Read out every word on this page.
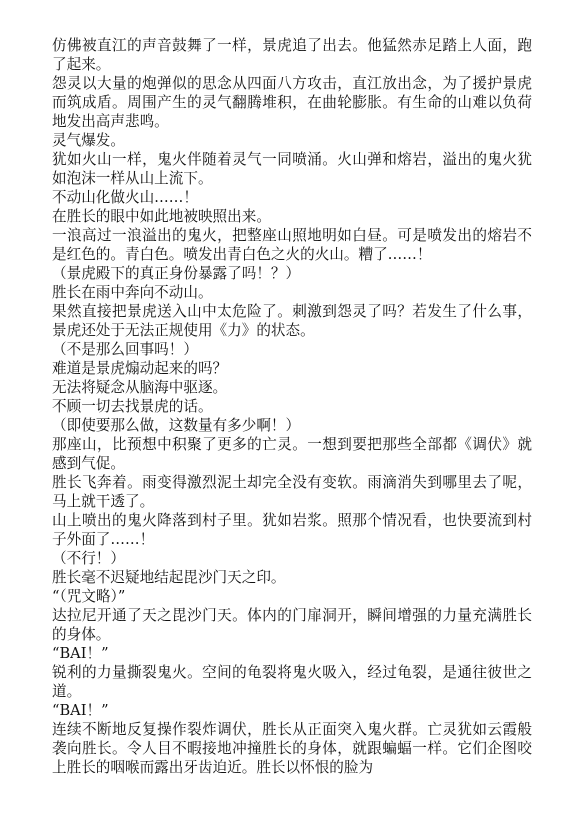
仿佛被直江的声音鼓舞了一样，景虎追了出去。他猛然赤足踏上人面，跑了起来。

怨灵以大量的炮弹似的思念从四面八方攻击，直江放出念，为了援护景虎而筑成盾。周围产生的灵气翻腾堆积，在曲轮膨胀。有生命的山难以负荷地发出高声悲鸣。

灵气爆发。

犹如火山一样，鬼火伴随着灵气一同喷涌。火山弹和熔岩，溢出的鬼火犹如泡沫一样从山上流下。

不动山化做火山……！

在胜长的眼中如此地被映照出来。

一浪高过一浪溢出的鬼火，把整座山照地明如白昼。可是喷发出的熔岩不是红色的。青白色。喷发出青白色之火的火山。糟了……！

（景虎殿下的真正身份暴露了吗！？）

胜长在雨中奔向不动山。

果然直接把景虎送入山中太危险了。刺激到怨灵了吗？若发生了什么事，景虎还处于无法正规使用《力》的状态。

（不是那么回事吗！）

难道是景虎煽动起来的吗？

无法将疑念从脑海中驱逐。

不顾一切去找景虎的话。

（即使要那么做，这数量有多少啊！）

那座山，比预想中积聚了更多的亡灵。一想到要把那些全部都《调伏》就感到气促。

胜长飞奔着。雨变得激烈泥土却完全没有变软。雨滴消失到哪里去了呢，马上就干透了。

山上喷出的鬼火降落到村子里。犹如岩浆。照那个情况看，也快要流到村子外面了……！

（不行！）

胜长毫不迟疑地结起毘沙门天之印。

“（咒文略）”

达拉尼开通了天之毘沙门天。体内的门扉洞开，瞬间增强的力量充满胜长的身体。

“BAI！”

锐利的力量撕裂鬼火。空间的龟裂将鬼火吸入，经过龟裂，是通往彼世之道。

“BAI！”

连续不断地反复操作裂炸调伏，胜长从正面突入鬼火群。亡灵犹如云霞般袭向胜长。令人目不暇接地冲撞胜长的身体，就跟蝙蝠一样。它们企图咬上胜长的咽喉而露出牙齿迫近。胜长以怀恨的脸为
